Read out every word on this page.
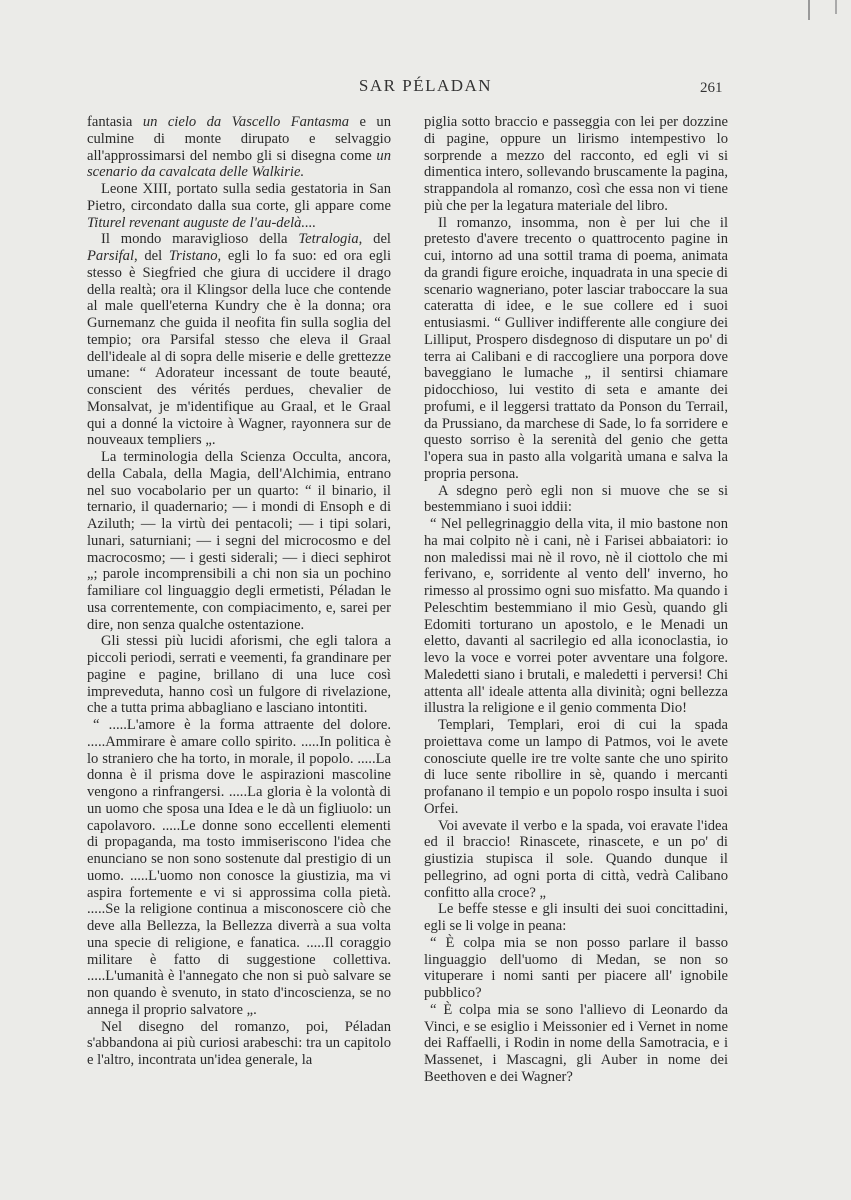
SAR PÉLADAN	261

fantasia un cielo da Vascello Fantasma e un culmine di monte dirupato e selvaggio all'approssimarsi del nembo gli si disegna come un scenario da cavalcata delle Walkirie.

Leone XIII, portato sulla sedia gestatoria in San Pietro, circondato dalla sua corte, gli appare come Titurel revenant auguste de l'au-delà....

Il mondo maraviglioso della Tetralogia, del Parsifal, del Tristano, egli lo fa suo: ed ora egli stesso è Siegfried che giura di uccidere il drago della realtà; ora il Klingsor della luce che contende al male quell'eterna Kundry che è la donna; ora Gurnemanz che guida il neofita fin sulla soglia del tempio; ora Parsifal stesso che eleva il Graal dell'ideale al di sopra delle miserie e delle grettezze umane: “ Adorateur incessant de toute beauté, conscient des vérités perdues, chevalier de Monsalvat, je m'identifique au Graal, et le Graal qui a donné la victoire à Wagner, rayonnera sur de nouveaux templiers „.

La terminologia della Scienza Occulta, ancora, della Cabala, della Magia, dell'Alchimia, entrano nel suo vocabolario per un quarto: “ il binario, il ternario, il quadernario; — i mondi di Ensoph e di Aziluth; — la virtù dei pentacoli; — i tipi solari, lunari, saturniani; — i segni del microcosmo e del macrocosmo; — i gesti siderali; — i dieci sephirot „; parole incomprensibili a chi non sia un pochino familiare col linguaggio degli ermetisti, Péladan le usa correntemente, con compiacimento, e, sarei per dire, non senza qualche ostentazione.

Gli stessi più lucidi aforismi, che egli talora a piccoli periodi, serrati e veementi, fa grandinare per pagine e pagine, brillano di una luce così impreveduta, hanno così un fulgore di rivelazione, che a tutta prima abbagliano e lasciano intontiti.

“ .....L'amore è la forma attraente del dolore. .....Ammirare è amare collo spirito. .....In politica è lo straniero che ha torto, in morale, il popolo. .....La donna è il prisma dove le aspirazioni mascoline vengono a rinfrangersi. .....La gloria è la volontà di un uomo che sposa una Idea e le dà un figliuolo: un capolavoro. .....Le donne sono eccellenti elementi di propaganda, ma tosto immiseriscono l'idea che enunciano se non sono sostenute dal prestigio di un uomo. .....L'uomo non conosce la giustizia, ma vi aspira fortemente e vi si approssima colla pietà. .....Se la religione continua a misconoscere ciò che deve alla Bellezza, la Bellezza diverrà a sua volta una specie di religione, e fanatica. .....Il coraggio militare è fatto di suggestione collettiva. .....L'umanità è l'annegato che non si può salvare se non quando è svenuto, in stato d'incoscienza, se no annega il proprio salvatore „.

Nel disegno del romanzo, poi, Péladan s'abbandona ai più curiosi arabeschi: tra un capitolo e l'altro, incontrata un'idea generale, la

piglia sotto braccio e passeggia con lei per dozzine di pagine, oppure un lirismo intempestivo lo sorprende a mezzo del racconto, ed egli vi si dimentica intero, sollevando bruscamente la pagina, strappandola al romanzo, così che essa non vi tiene più che per la legatura materiale del libro.

Il romanzo, insomma, non è per lui che il pretesto d'avere trecento o quattrocento pagine in cui, intorno ad una sottil trama di poema, animata da grandi figure eroiche, inquadrata in una specie di scenario wagneriano, poter lasciar traboccare la sua cateratta di idee, e le sue collere ed i suoi entusiasmi. “ Gulliver indifferente alle congiure dei Lilliput, Prospero disdegnoso di disputare un po' di terra ai Calibani e di raccogliere una porpora dove baveggiano le lumache „ il sentirsi chiamare pidocchioso, lui vestito di seta e amante dei profumi, e il leggersi trattato da Ponson du Terrail, da Prussiano, da marchese di Sade, lo fa sorridere e questo sorriso è la serenità del genio che getta l'opera sua in pasto alla volgarità umana e salva la propria persona.

A sdegno però egli non si muove che se si bestemmiano i suoi iddii:

“ Nel pellegrinaggio della vita, il mio bastone non ha mai colpito nè i cani, nè i Farisei abbaiatori: io non maledissi mai nè il rovo, nè il ciottolo che mi ferivano, e, sorridente al vento dell' inverno, ho rimesso al prossimo ogni suo misfatto. Ma quando i Peleschtim bestemmiano il mio Gesù, quando gli Edomiti torturano un apostolo, e le Menadi un eletto, davanti al sacrilegio ed alla iconoclastia, io levo la voce e vorrei poter avventare una folgore. Maledetti siano i brutali, e maledetti i perversi! Chi attenta all' ideale attenta alla divinità; ogni bellezza illustra la religione e il genio commenta Dio!

Templari, Templari, eroi di cui la spada proiettava come un lampo di Patmos, voi le avete conosciute quelle ire tre volte sante che uno spirito di luce sente ribollire in sè, quando i mercanti profanano il tempio e un popolo rospo insulta i suoi Orfei.

Voi avevate il verbo e la spada, voi eravate l'idea ed il braccio! Rinascete, rinascete, e un po' di giustizia stupisca il sole. Quando dunque il pellegrino, ad ogni porta di città, vedrà Calibano confitto alla croce? „

Le beffe stesse e gli insulti dei suoi concittadini, egli se li volge in peana:

“ È colpa mia se non posso parlare il basso linguaggio dell'uomo di Medan, se non so vituperare i nomi santi per piacere all' ignobile pubblico?

“ È colpa mia se sono l'allievo di Leonardo da Vinci, e se esiglio i Meissonier ed i Vernet in nome dei Raffaelli, i Rodin in nome della Samotracia, e i Massenet, i Mascagni, gli Auber in nome dei Beethoven e dei Wagner?
